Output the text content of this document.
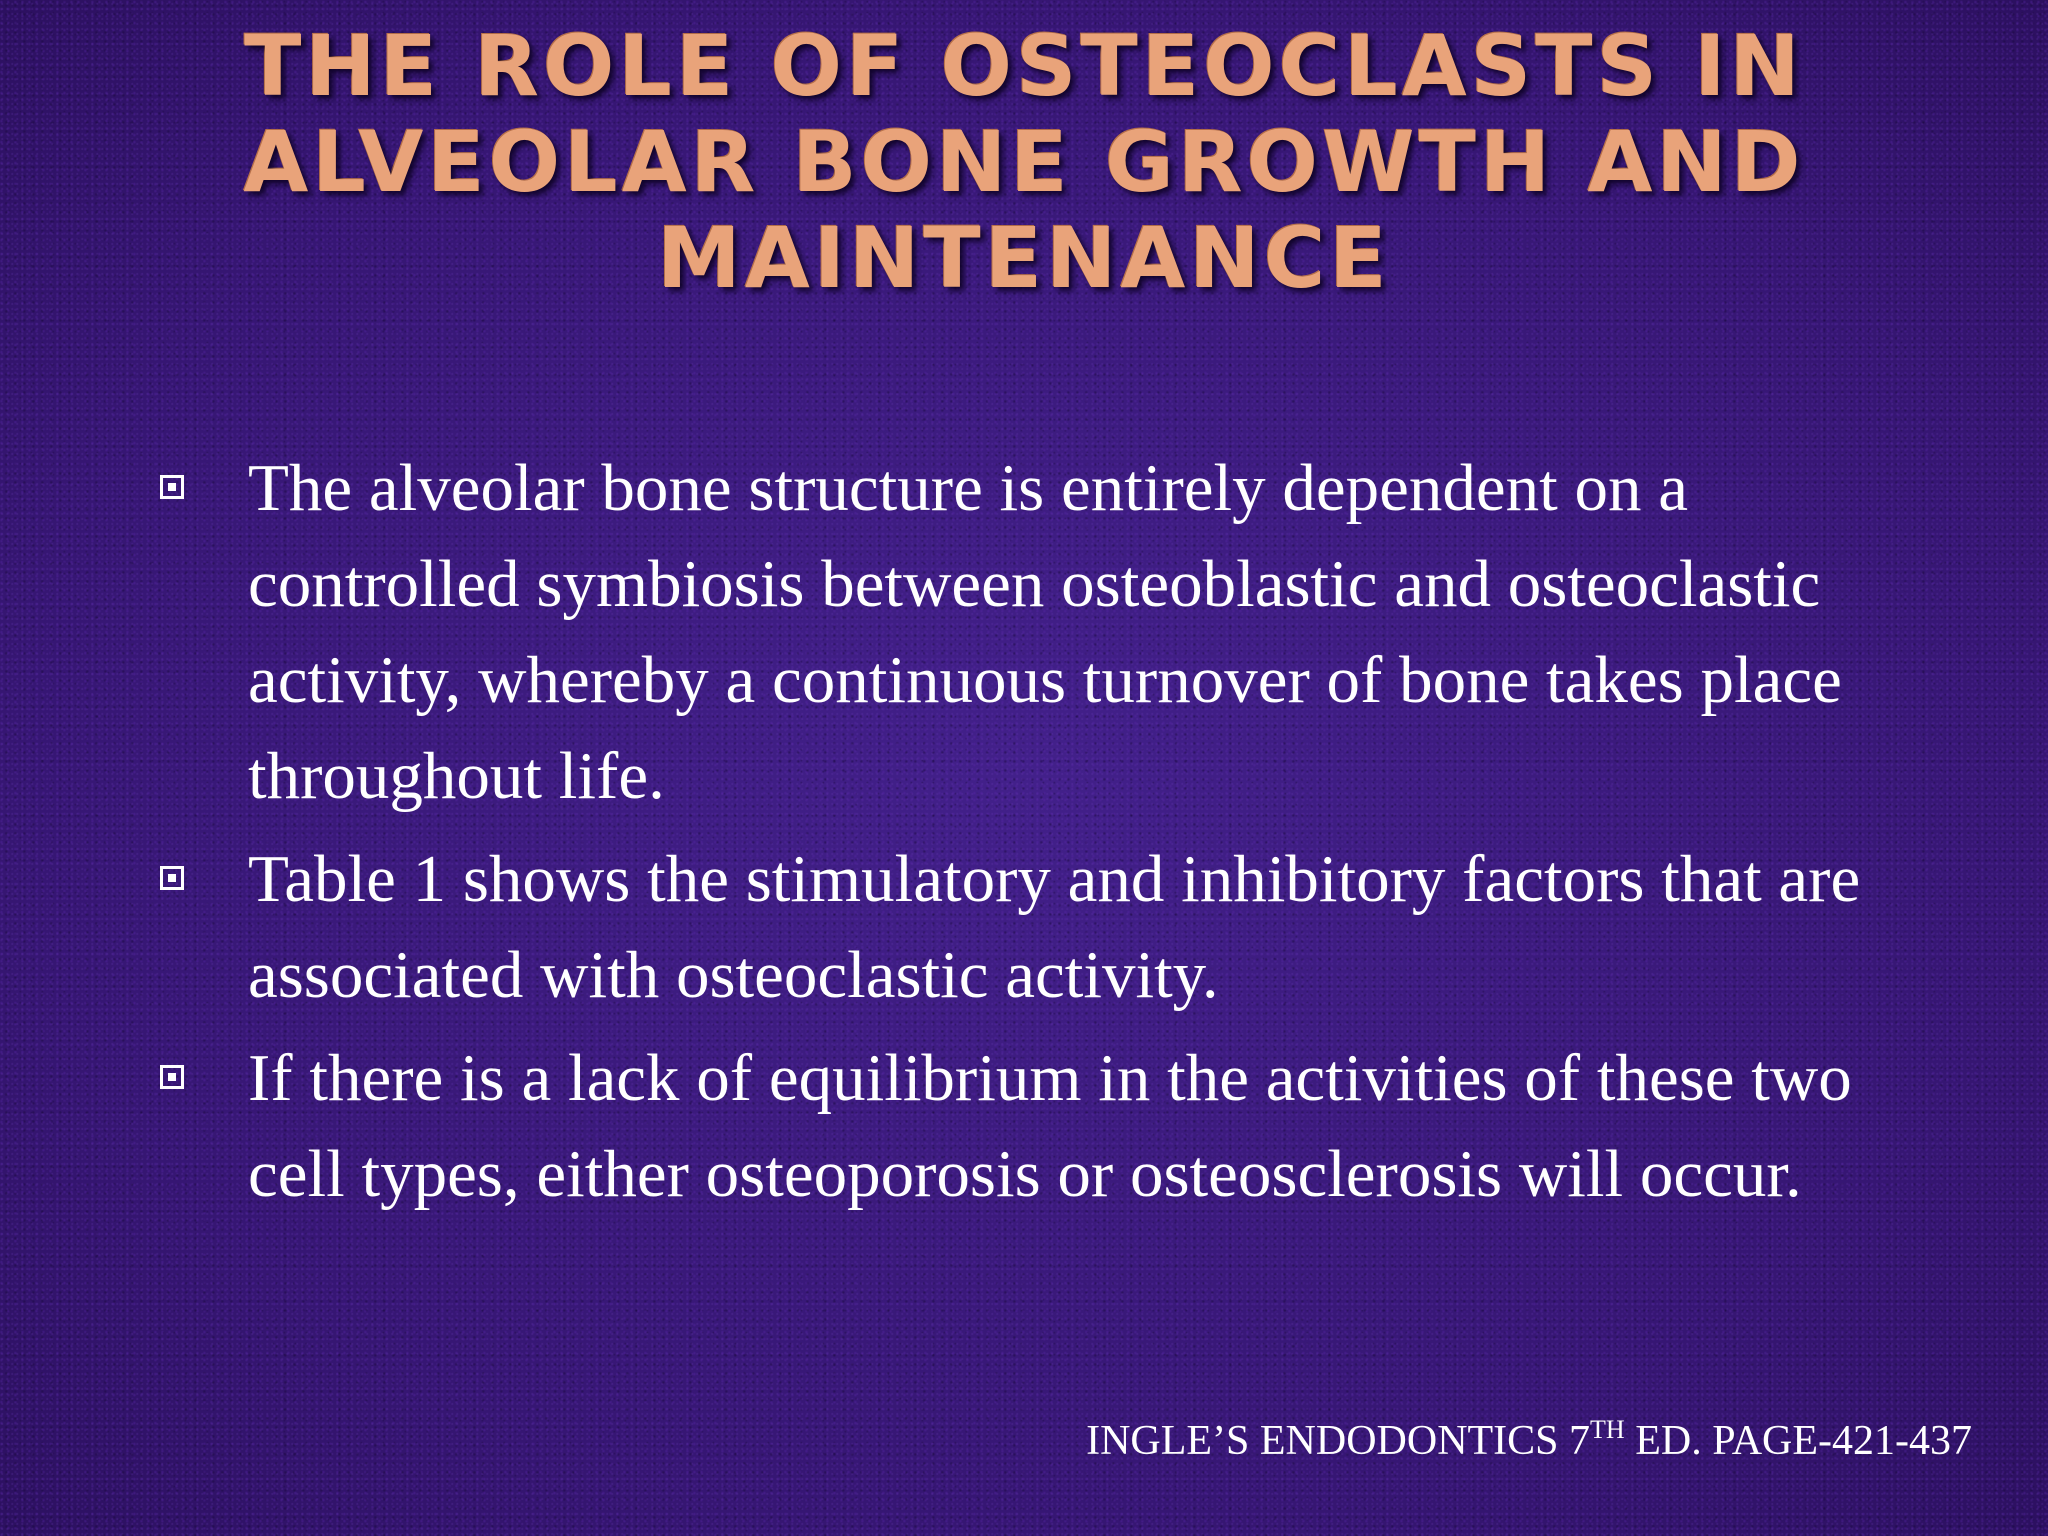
THE ROLE OF OSTEOCLASTS IN
ALVEOLAR BONE GROWTH AND
MAINTENANCE
The alveolar bone structure is entirely dependent on a controlled symbiosis between osteoblastic and osteoclastic activity, whereby a continuous turnover of bone takes place throughout life.
Table 1 shows the stimulatory and inhibitory factors that are associated with osteoclastic activity.
If there is a lack of equilibrium in the activities of these two cell types, either osteoporosis or osteosclerosis will occur.
INGLE’S ENDODONTICS 7TH ED. PAGE-421-437
